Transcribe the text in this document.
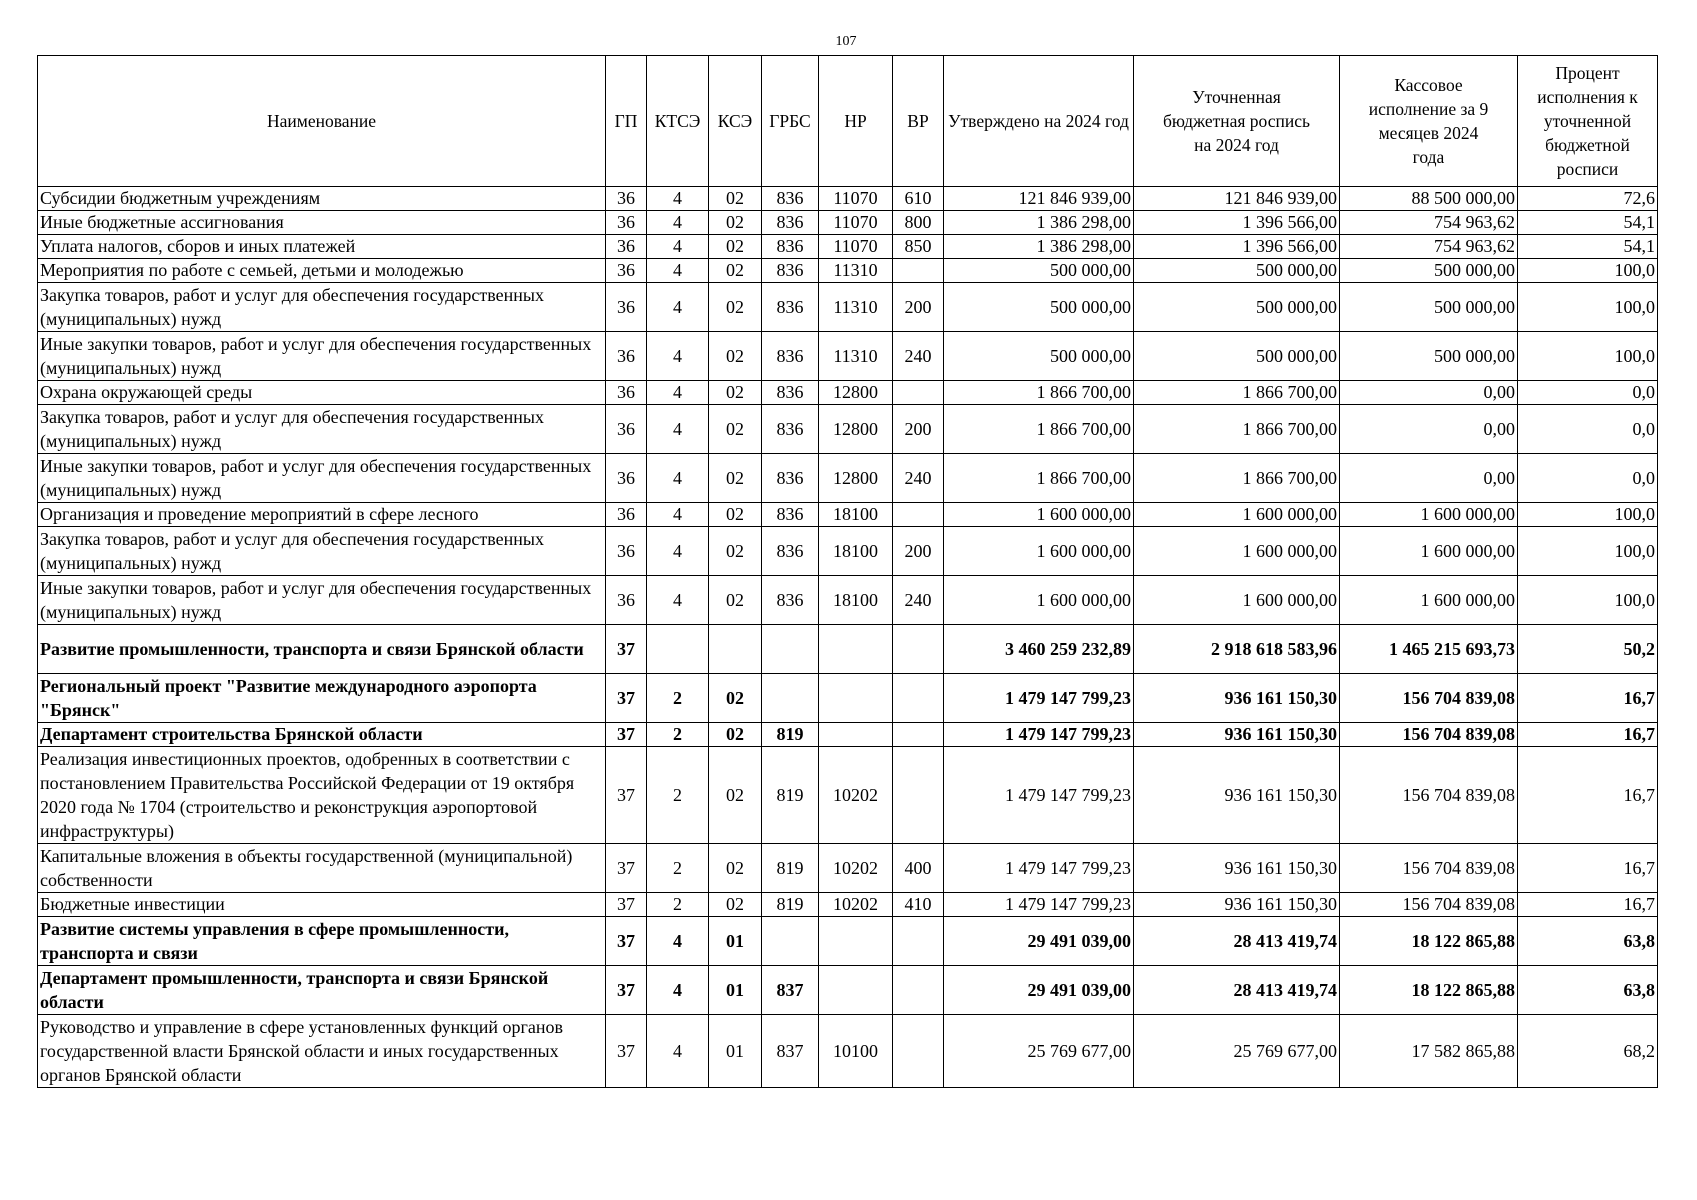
107
Наименование	ГП	КТСЭ	КСЭ	ГРБС	НР	ВР	Утверждено на 2024 год	Уточненная бюджетная роспись на 2024 год	Кассовое исполнение за 9 месяцев 2024 года	Процент исполнения к уточненной бюджетной росписи
Субсидии бюджетным учреждениям	36	4	02	836	11070	610	121 846 939,00	121 846 939,00	88 500 000,00	72,6
Иные бюджетные ассигнования	36	4	02	836	11070	800	1 386 298,00	1 396 566,00	754 963,62	54,1
Уплата налогов, сборов и иных платежей	36	4	02	836	11070	850	1 386 298,00	1 396 566,00	754 963,62	54,1
Мероприятия по работе с семьей, детьми и молодежью	36	4	02	836	11310		500 000,00	500 000,00	500 000,00	100,0
Закупка товаров, работ и услуг для обеспечения государственных (муниципальных) нужд	36	4	02	836	11310	200	500 000,00	500 000,00	500 000,00	100,0
Иные закупки товаров, работ и услуг для обеспечения государственных (муниципальных) нужд	36	4	02	836	11310	240	500 000,00	500 000,00	500 000,00	100,0
Охрана окружающей среды	36	4	02	836	12800		1 866 700,00	1 866 700,00	0,00	0,0
Закупка товаров, работ и услуг для обеспечения государственных (муниципальных) нужд	36	4	02	836	12800	200	1 866 700,00	1 866 700,00	0,00	0,0
Иные закупки товаров, работ и услуг для обеспечения государственных (муниципальных) нужд	36	4	02	836	12800	240	1 866 700,00	1 866 700,00	0,00	0,0
Организация и проведение мероприятий в сфере лесного	36	4	02	836	18100		1 600 000,00	1 600 000,00	1 600 000,00	100,0
Закупка товаров, работ и услуг для обеспечения государственных (муниципальных) нужд	36	4	02	836	18100	200	1 600 000,00	1 600 000,00	1 600 000,00	100,0
Иные закупки товаров, работ и услуг для обеспечения государственных (муниципальных) нужд	36	4	02	836	18100	240	1 600 000,00	1 600 000,00	1 600 000,00	100,0
Развитие промышленности, транспорта и связи Брянской области	37						3 460 259 232,89	2 918 618 583,96	1 465 215 693,73	50,2
Региональный проект "Развитие международного аэропорта "Брянск"	37	2	02				1 479 147 799,23	936 161 150,30	156 704 839,08	16,7
Департамент строительства Брянской области	37	2	02	819			1 479 147 799,23	936 161 150,30	156 704 839,08	16,7
Реализация инвестиционных проектов, одобренных в соответствии с постановлением Правительства Российской Федерации от 19 октября 2020 года № 1704 (строительство и реконструкция аэропортовой инфраструктуры)	37	2	02	819	10202		1 479 147 799,23	936 161 150,30	156 704 839,08	16,7
Капитальные вложения в объекты государственной (муниципальной) собственности	37	2	02	819	10202	400	1 479 147 799,23	936 161 150,30	156 704 839,08	16,7
Бюджетные инвестиции	37	2	02	819	10202	410	1 479 147 799,23	936 161 150,30	156 704 839,08	16,7
Развитие системы управления в сфере промышленности, транспорта и связи	37	4	01				29 491 039,00	28 413 419,74	18 122 865,88	63,8
Департамент промышленности, транспорта и связи Брянской области	37	4	01	837			29 491 039,00	28 413 419,74	18 122 865,88	63,8
Руководство и управление в сфере установленных функций органов государственной власти Брянской области и иных государственных органов Брянской области	37	4	01	837	10100		25 769 677,00	25 769 677,00	17 582 865,88	68,2
